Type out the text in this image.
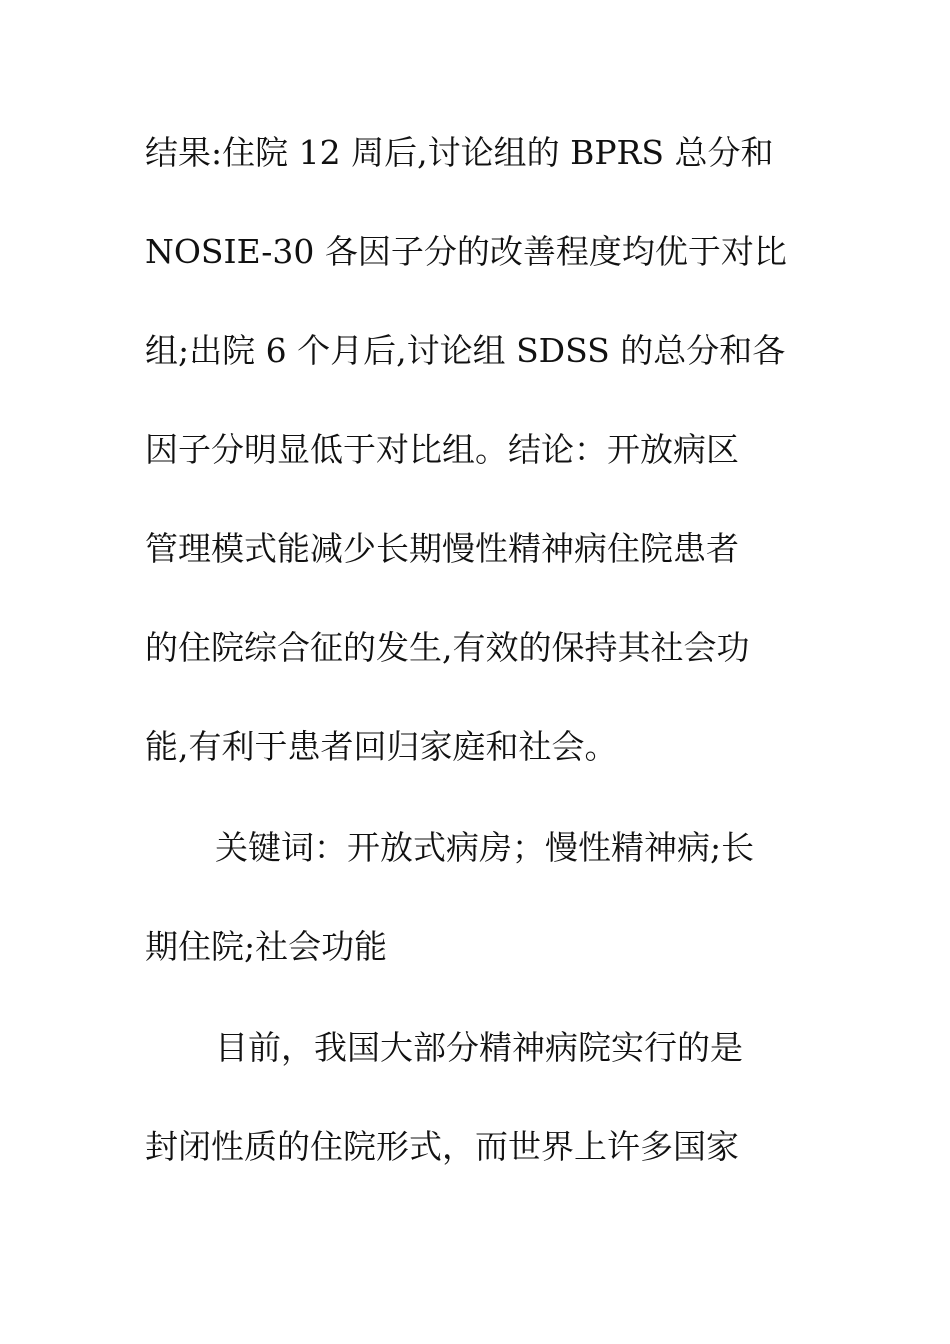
结果:住院 12 周后,讨论组的 BPRS 总分和

NOSIE-30 各因子分的改善程度均优于对比

组;出院 6 个月后,讨论组 SDSS 的总分和各

因子分明显低于对比组。结论：开放病区

管理模式能减少长期慢性精神病住院患者

的住院综合征的发生,有效的保持其社会功

能,有利于患者回归家庭和社会。

关键词：开放式病房；慢性精神病;长

期住院;社会功能

目前，我国大部分精神病院实行的是

封闭性质的住院形式，而世界上许多国家
